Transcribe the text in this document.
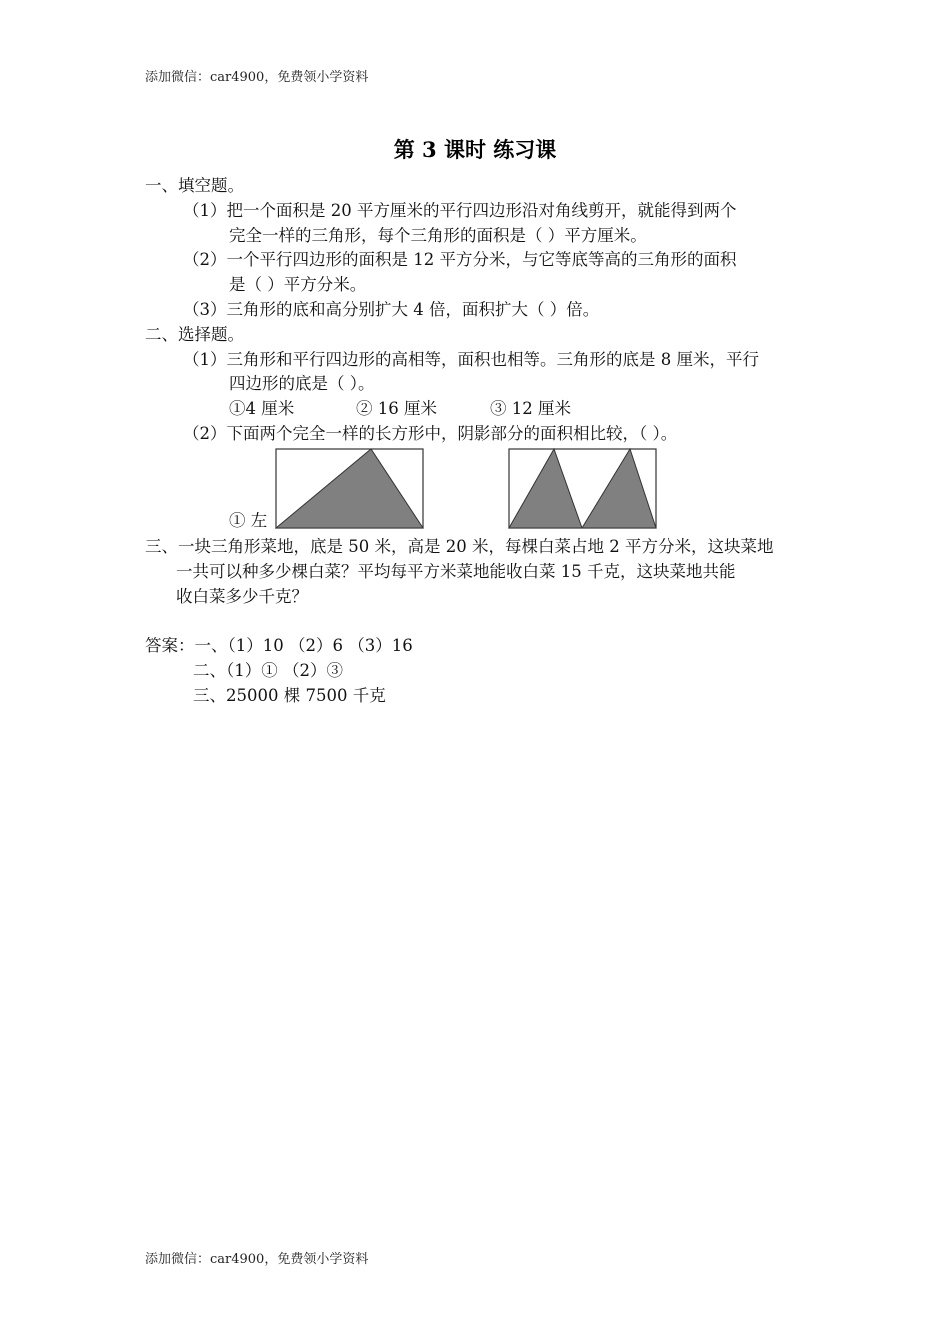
添加微信：car4900，免费领小学资料
第 3 课时 练习课
一、填空题。
（1）把一个面积是 20 平方厘米的平行四边形沿对角线剪开，就能得到两个
完全一样的三角形，每个三角形的面积是（ ）平方厘米。
（2）一个平行四边形的面积是 12 平方分米，与它等底等高的三角形的面积
是（ ）平方分米。
（3）三角形的底和高分别扩大 4 倍，面积扩大（ ）倍。
二、选择题。
（1）三角形和平行四边形的高相等，面积也相等。三角形的底是 8 厘米，平行
四边形的底是（ ）。
①4 厘米	② 16 厘米	③ 12 厘米
（2）下面两个完全一样的长方形中，阴影部分的面积相比较，（ ）。
① 左
三、一块三角形菜地，底是 50 米，高是 20 米，每棵白菜占地 2 平方分米，这块菜地
一共可以种多少棵白菜？平均每平方米菜地能收白菜 15 千克，这块菜地共能
收白菜多少千克？
答案：一、（1）10 （2）6 （3）16
二、（1）① （2）③
三、25000 棵 7500 千克
添加微信：car4900，免费领小学资料
